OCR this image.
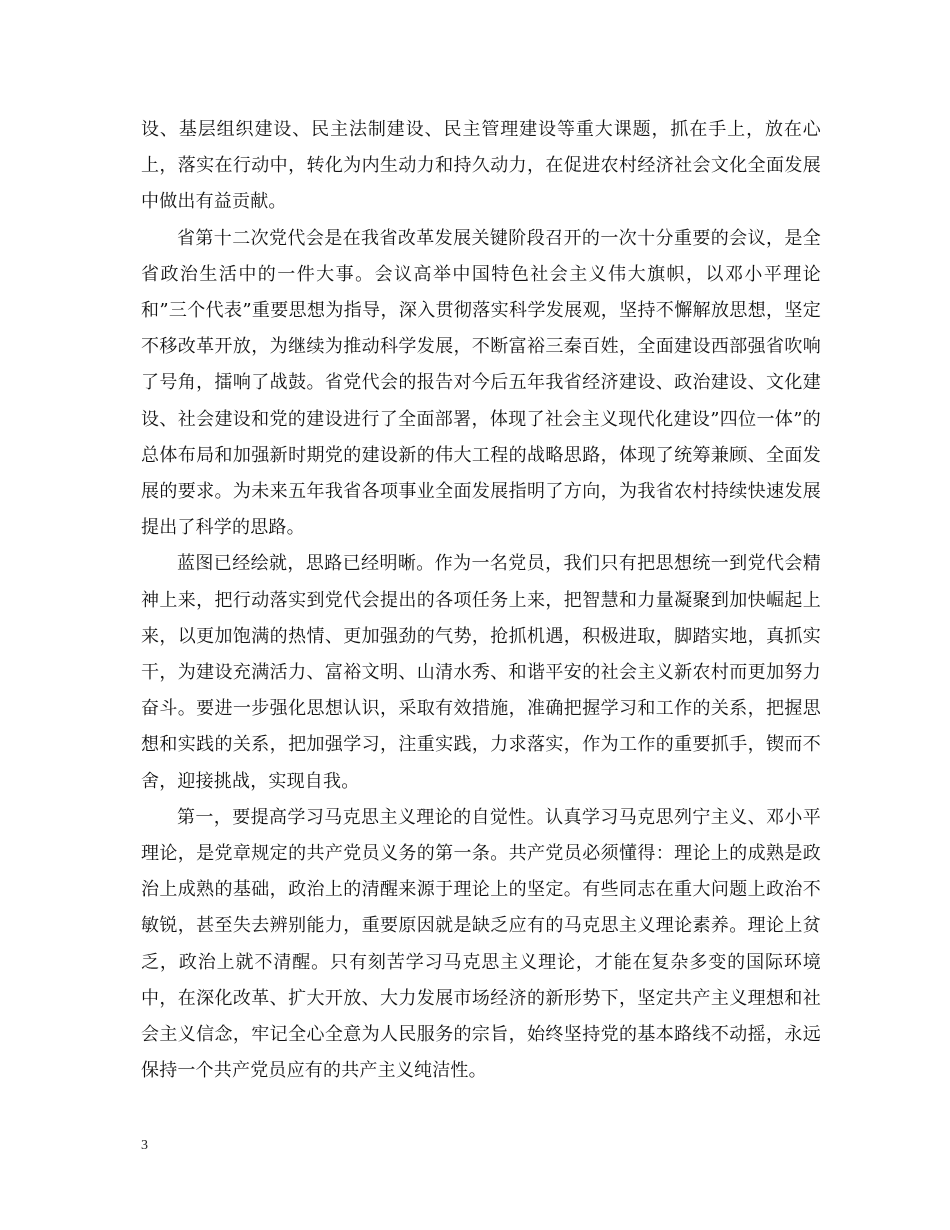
设、基层组织建设、民主法制建设、民主管理建设等重大课题，抓在手上，放在心上，落实在行动中，转化为内生动力和持久动力，在促进农村经济社会文化全面发展中做出有益贡献。

省第十二次党代会是在我省改革发展关键阶段召开的一次十分重要的会议，是全省政治生活中的一件大事。会议高举中国特色社会主义伟大旗帜，以邓小平理论和”三个代表”重要思想为指导，深入贯彻落实科学发展观，坚持不懈解放思想，坚定不移改革开放，为继续为推动科学发展，不断富裕三秦百姓，全面建设西部强省吹响了号角，擂响了战鼓。省党代会的报告对今后五年我省经济建设、政治建设、文化建设、社会建设和党的建设进行了全面部署，体现了社会主义现代化建设”四位一体”的总体布局和加强新时期党的建设新的伟大工程的战略思路，体现了统筹兼顾、全面发展的要求。为未来五年我省各项事业全面发展指明了方向，为我省农村持续快速发展提出了科学的思路。

蓝图已经绘就，思路已经明晰。作为一名党员，我们只有把思想统一到党代会精神上来，把行动落实到党代会提出的各项任务上来，把智慧和力量凝聚到加快崛起上来，以更加饱满的热情、更加强劲的气势，抢抓机遇，积极进取，脚踏实地，真抓实干，为建设充满活力、富裕文明、山清水秀、和谐平安的社会主义新农村而更加努力奋斗。要进一步强化思想认识，采取有效措施，准确把握学习和工作的关系，把握思想和实践的关系，把加强学习，注重实践，力求落实，作为工作的重要抓手，锲而不舍，迎接挑战，实现自我。

第一，要提高学习马克思主义理论的自觉性。认真学习马克思列宁主义、邓小平理论，是党章规定的共产党员义务的第一条。共产党员必须懂得：理论上的成熟是政治上成熟的基础，政治上的清醒来源于理论上的坚定。有些同志在重大问题上政治不敏锐，甚至失去辨别能力，重要原因就是缺乏应有的马克思主义理论素养。理论上贫乏，政治上就不清醒。只有刻苦学习马克思主义理论，才能在复杂多变的国际环境中，在深化改革、扩大开放、大力发展市场经济的新形势下，坚定共产主义理想和社会主义信念，牢记全心全意为人民服务的宗旨，始终坚持党的基本路线不动摇，永远保持一个共产党员应有的共产主义纯洁性。

3
